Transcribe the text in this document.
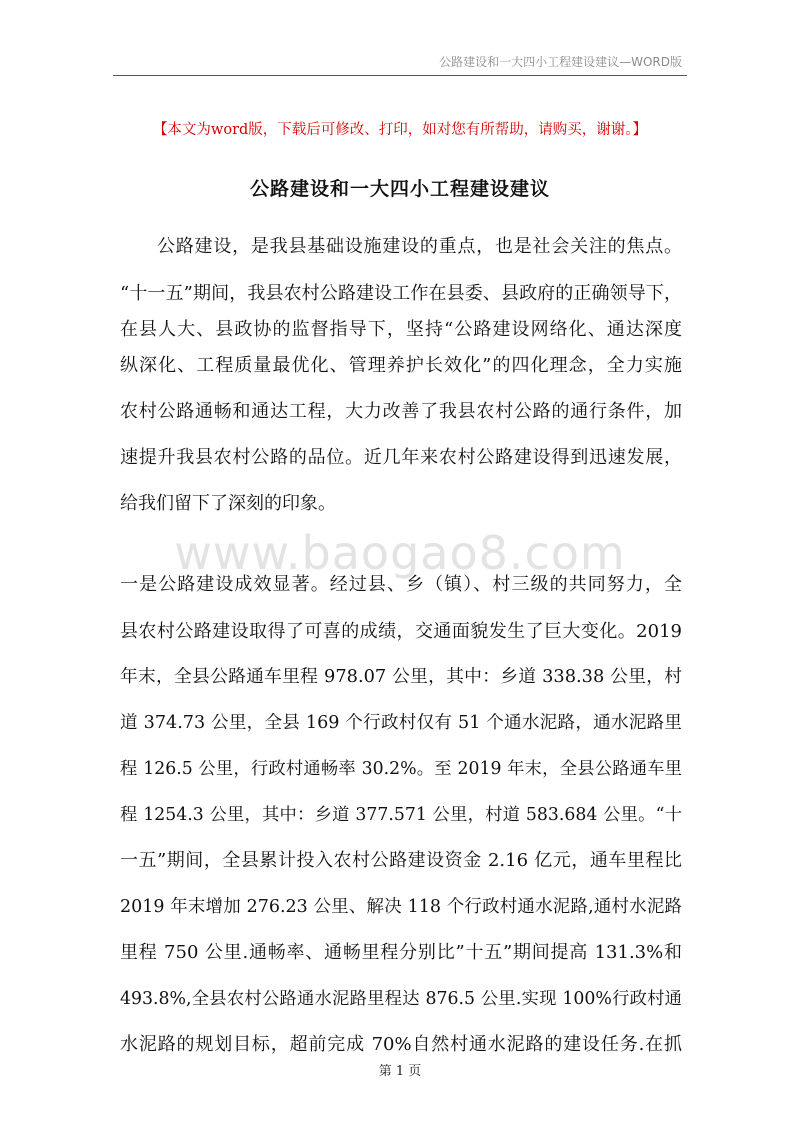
公路建设和一大四小工程建设建议—WORD版
【本文为word版，下载后可修改、打印，如对您有所帮助，请购买，谢谢。】
公路建设和一大四小工程建设建议
公路建设，是我县基础设施建设的重点，也是社会关注的焦点。
“十一五”期间，我县农村公路建设工作在县委、县政府的正确领导下，
在县人大、县政协的监督指导下，坚持“公路建设网络化、通达深度
纵深化、工程质量最优化、管理养护长效化”的四化理念，全力实施
农村公路通畅和通达工程，大力改善了我县农村公路的通行条件，加
速提升我县农村公路的品位。近几年来农村公路建设得到迅速发展，
给我们留下了深刻的印象。
www.baogao8.com
一是公路建设成效显著。经过县、乡（镇）、村三级的共同努力，全
县农村公路建设取得了可喜的成绩，交通面貌发生了巨大变化。2019
年末，全县公路通车里程 978.07 公里，其中：乡道 338.38 公里，村
道 374.73 公里，全县 169 个行政村仅有 51 个通水泥路，通水泥路里
程 126.5 公里，行政村通畅率 30.2%。至 2019 年末，全县公路通车里
程 1254.3 公里，其中：乡道 377.571 公里，村道 583.684 公里。“十
一五”期间，全县累计投入农村公路建设资金 2.16 亿元，通车里程比
2019 年末增加 276.23 公里、解决 118 个行政村通水泥路,通村水泥路
里程 750 公里.通畅率、通畅里程分别比”十五”期间提高 131.3%和
493.8%,全县农村公路通水泥路里程达 876.5 公里.实现 100%行政村通
水泥路的规划目标，超前完成 70%自然村通水泥路的建设任务.在抓
第 1 页
